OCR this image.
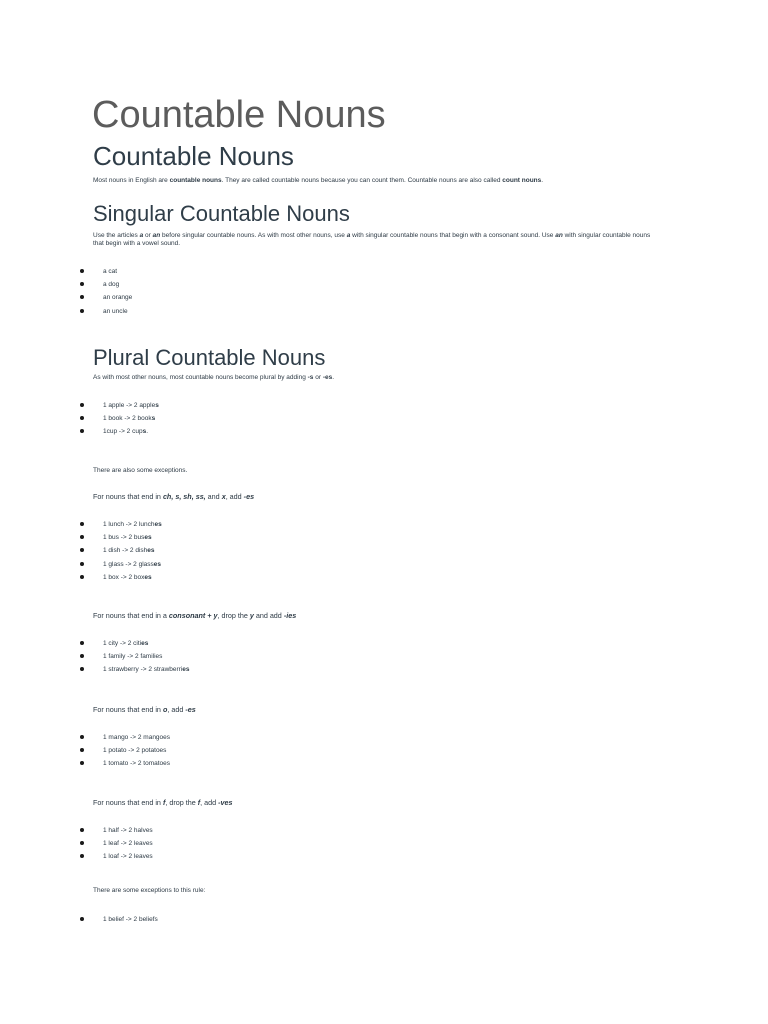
Countable Nouns
Countable Nouns

Most nouns in English are countable nouns. They are called countable nouns because you can count them. Countable nouns are also called count nouns.

Singular Countable Nouns

Use the articles a or an before singular countable nouns. As with most other nouns, use a with singular countable nouns that begin with a consonant sound. Use an with singular countable nouns that begin with a vowel sound.

a cat
a dog
an orange
an uncle
Plural Countable Nouns

As with most other nouns, most countable nouns become plural by adding -s or -es.

1 apple -> 2 apples
1 book -> 2 books
1cup -> 2 cups.

There are also some exceptions.

For nouns that end in ch, s, sh, ss, and x, add -es

1 lunch -> 2 lunches
1 bus -> 2 buses
1 dish -> 2 dishes
1 glass -> 2 glasses
1 box -> 2 boxes

For nouns that end in a consonant + y, drop the y and add -ies

1 city -> 2 cities
1 family -> 2 families
1 strawberry -> 2 strawberries

For nouns that end in o, add -es

1 mango -> 2 mangoes
1 potato -> 2 potatoes
1 tomato -> 2 tomatoes

For nouns that end in f, drop the f, add -ves

1 half -> 2 halves
1 leaf -> 2 leaves
1 loaf -> 2 leaves

There are some exceptions to this rule:

1 belief -> 2 beliefs
